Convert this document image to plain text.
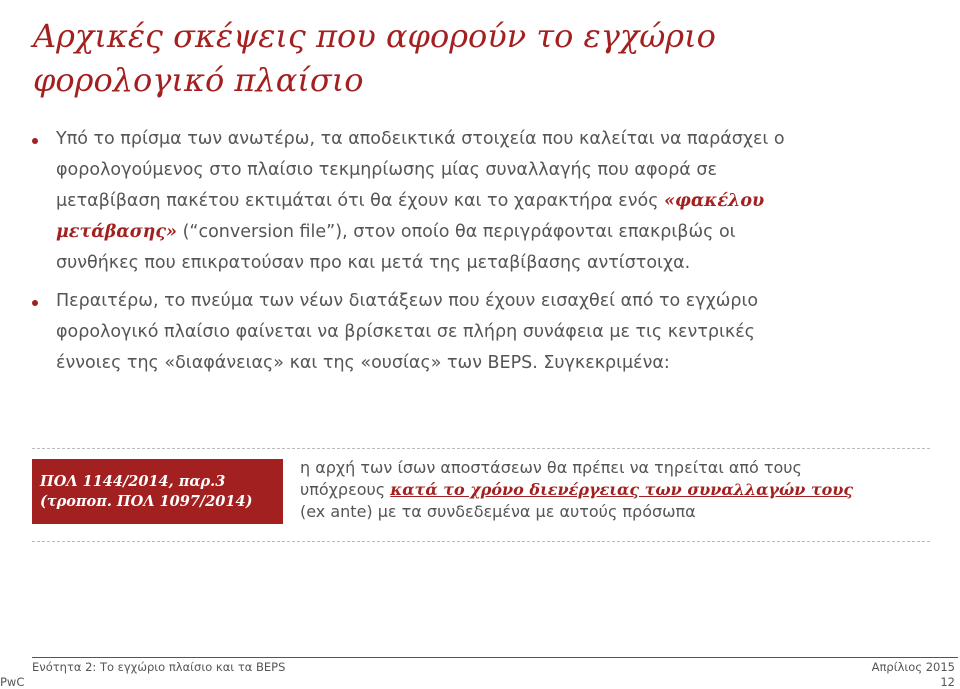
Αρχικές σκέψεις που αφορούν το εγχώριο
φορολογικό πλαίσιο
Υπό το πρίσμα των ανωτέρω, τα αποδεικτικά στοιχεία που καλείται να παράσχει ο
φορολογούμενος στο πλαίσιο τεκμηρίωσης μίας συναλλαγής που αφορά σε
μεταβίβαση πακέτου εκτιμάται ότι θα έχουν και το χαρακτήρα ενός «φακέλου
μετάβασης» (“conversion file”), στον οποίο θα περιγράφονται επακριβώς οι
συνθήκες που επικρατούσαν προ και μετά της μεταβίβασης αντίστοιχα.
Περαιτέρω, το πνεύμα των νέων διατάξεων που έχουν εισαχθεί από το εγχώριο
φορολογικό πλαίσιο φαίνεται να βρίσκεται σε πλήρη συνάφεια με τις κεντρικές
έννοιες της «διαφάνειας» και της «ουσίας» των BEPS. Συγκεκριμένα:
ΠΟΛ 1144/2014, παρ.3
(τροποπ. ΠΟΛ 1097/2014)
η αρχή των ίσων αποστάσεων θα πρέπει να τηρείται από τους
υπόχρεους κατά το χρόνο διενέργειας των συναλλαγών τους
(ex ante) με τα συνδεδεμένα με αυτούς πρόσωπα
Ενότητα 2: Το εγχώριο πλαίσιο και τα BEPS	Απρίλιος 2015
PwC	12
